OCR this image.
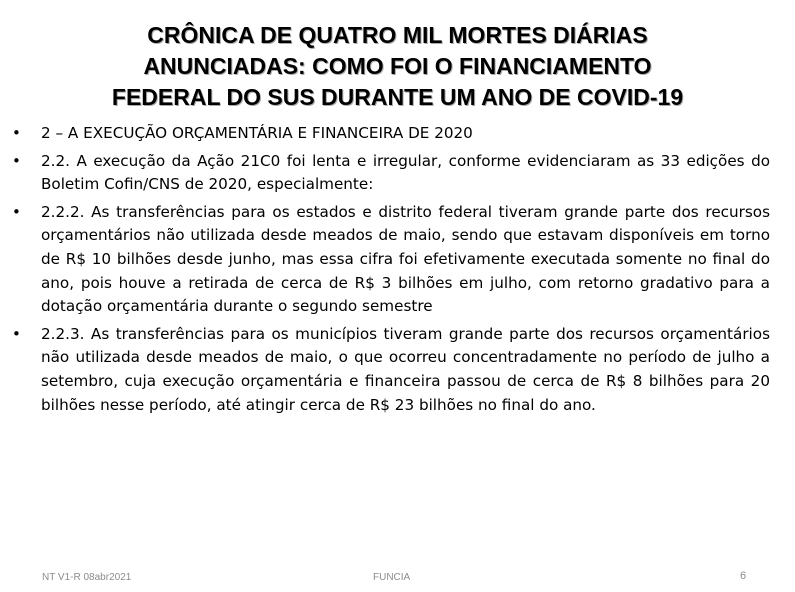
CRÔNICA DE QUATRO MIL MORTES DIÁRIAS
ANUNCIADAS: COMO FOI O FINANCIAMENTO
FEDERAL DO SUS DURANTE UM ANO DE COVID-19
• 2 – A EXECUÇÃO ORÇAMENTÁRIA E FINANCEIRA DE 2020
• 2.2. A execução da Ação 21C0 foi lenta e irregular, conforme evidenciaram as 33 edições do Boletim Cofin/CNS de 2020, especialmente:
• 2.2.2. As transferências para os estados e distrito federal tiveram grande parte dos recursos orçamentários não utilizada desde meados de maio, sendo que estavam disponíveis em torno de R$ 10 bilhões desde junho, mas essa cifra foi efetivamente executada somente no final do ano, pois houve a retirada de cerca de R$ 3 bilhões em julho, com retorno gradativo para a dotação orçamentária durante o segundo semestre
• 2.2.3. As transferências para os municípios tiveram grande parte dos recursos orçamentários não utilizada desde meados de maio, o que ocorreu concentradamente no período de julho a setembro, cuja execução orçamentária e financeira passou de cerca de R$ 8 bilhões para 20 bilhões nesse período, até atingir cerca de R$ 23 bilhões no final do ano.
NT V1-R 08abr2021	FUNCIA	6
